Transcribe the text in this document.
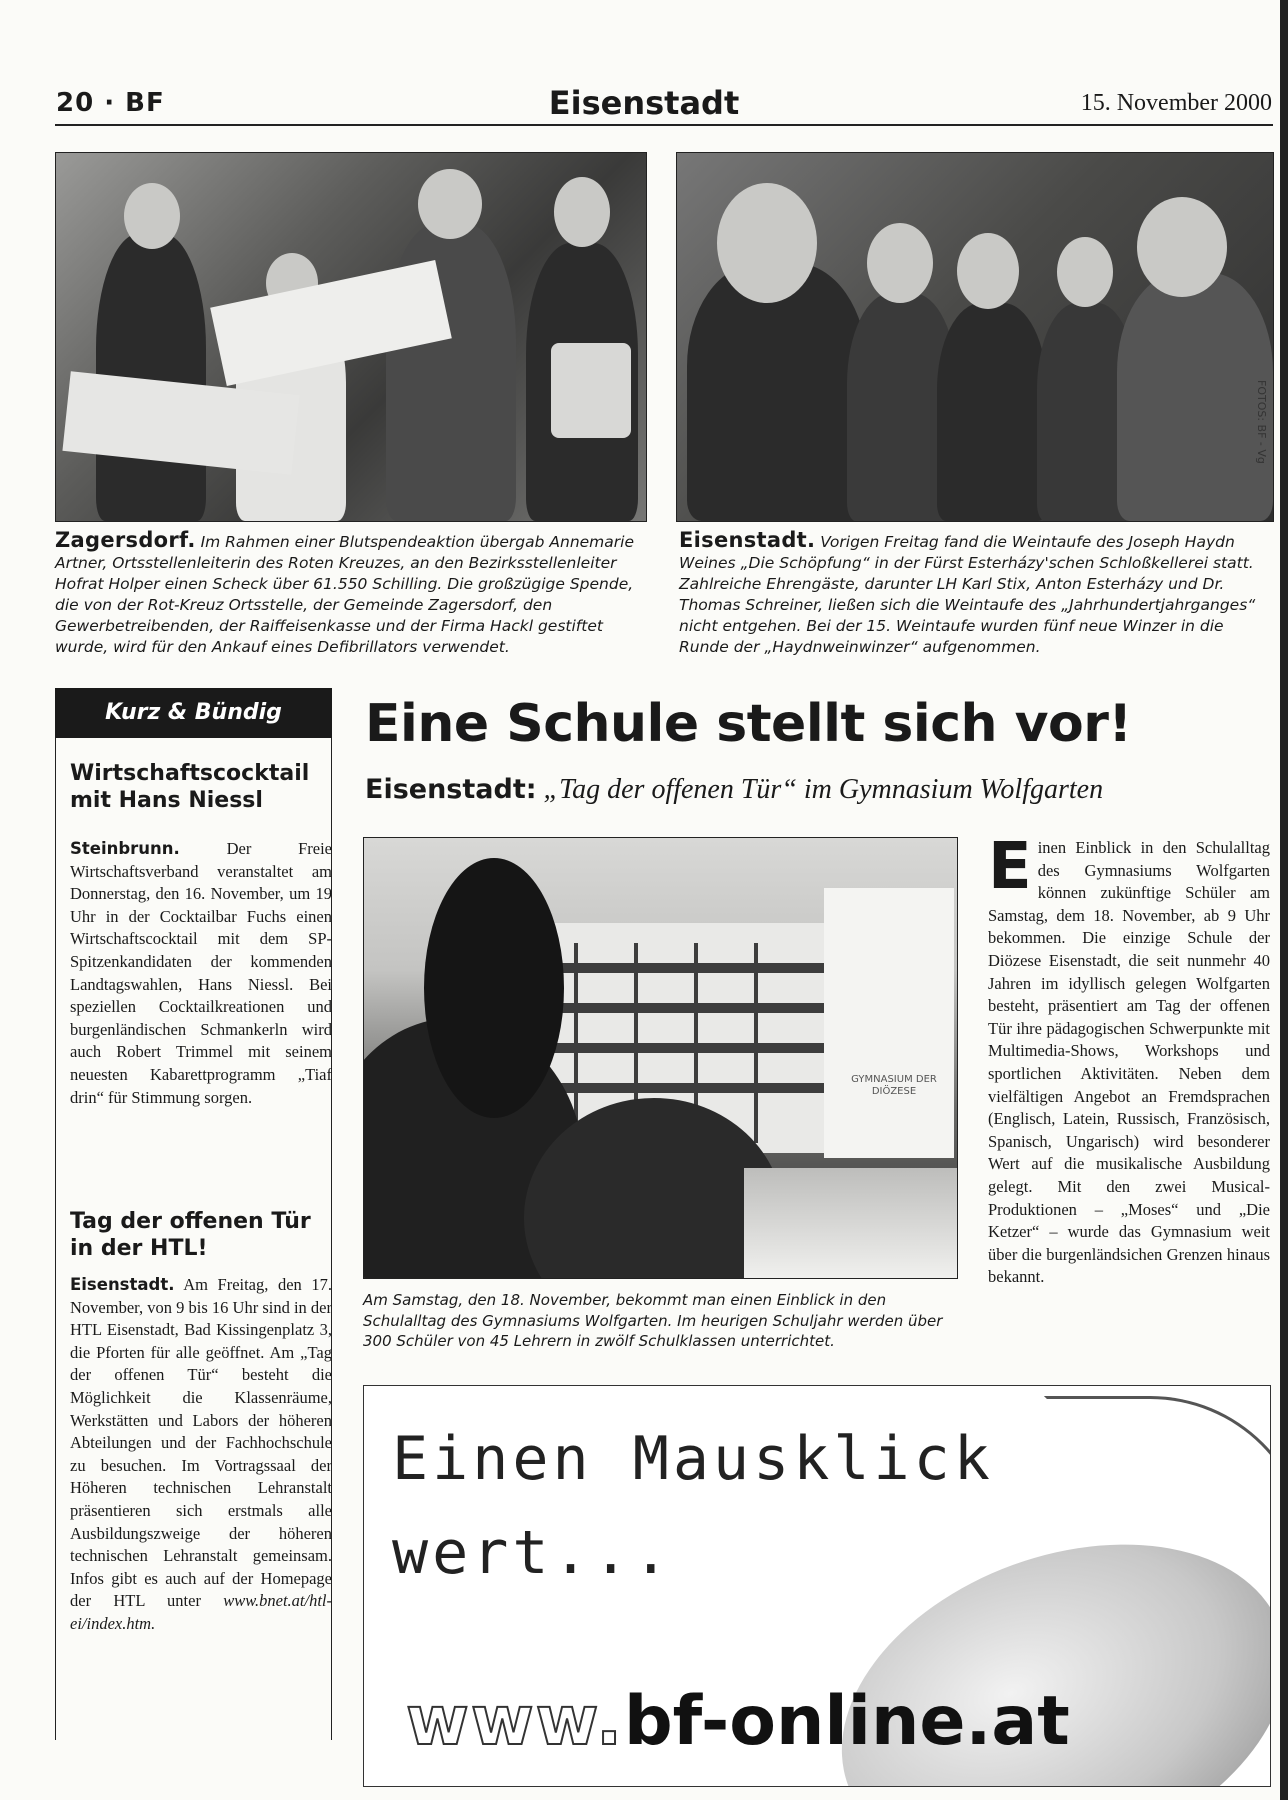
20 · BF	Eisenstadt	15. November 2000
Zagersdorf. Im Rahmen einer Blutspendeaktion übergab Annemarie Artner, Ortsstellenleiterin des Roten Kreuzes, an den Bezirksstellenleiter Hofrat Holper einen Scheck über 61.550 Schilling. Die großzügige Spende, die von der Rot-Kreuz Ortsstelle, der Gemeinde Zagersdorf, den Gewerbetreibenden, der Raiffeisenkasse und der Firma Hackl gestiftet wurde, wird für den Ankauf eines Defibrillators verwendet.
Eisenstadt. Vorigen Freitag fand die Weintaufe des Joseph Haydn Weines „Die Schöpfung“ in der Fürst Esterházy'schen Schloßkellerei statt. Zahlreiche Ehrengäste, darunter LH Karl Stix, Anton Esterházy und Dr. Thomas Schreiner, ließen sich die Weintaufe des „Jahrhundertjahrganges“ nicht entgehen. Bei der 15. Weintaufe wurden fünf neue Winzer in die Runde der „Haydnweinwinzer“ aufgenommen.
FOTOS: BF - Vg
Kurz & Bündig
Wirtschaftscocktail mit Hans Niessl
Steinbrunn.	Der Freie Wirtschaftsverband veranstaltet am Donnerstag, den 16. November, um 19 Uhr in der Cocktailbar Fuchs einen Wirtschaftscocktail mit dem SP-Spitzenkandidaten der kommenden Landtagswahlen, Hans Niessl. Bei speziellen Cocktailkreationen und burgenländischen Schmankerln wird auch Robert Trimmel mit seinem neuesten Kabarettprogramm „Tiaf drin“ für Stimmung sorgen.
Tag der offenen Tür in der HTL!
Eisenstadt. Am Freitag, den 17. November, von 9 bis 16 Uhr sind in der HTL Eisenstadt, Bad Kissingenplatz 3, die Pforten für alle geöffnet. Am „Tag der offenen Tür“ besteht die Möglichkeit die Klassenräume, Werkstätten und Labors der höheren Abteilungen und der Fachhochschule zu besuchen. Im Vortragssaal der Höheren technischen Lehranstalt präsentieren sich erstmals alle Ausbildungszweige der höheren technischen Lehranstalt gemeinsam. Infos gibt es auch auf der Homepage der HTL unter www.bnet.at/htl-ei/index.htm.
Eine Schule stellt sich vor!
Eisenstadt: „Tag der offenen Tür“ im Gymnasium Wolfgarten
GYMNASIUM DER DIÖZESE
Am Samstag, den 18. November, bekommt man einen Einblick in den Schulalltag des Gymnasiums Wolfgarten. Im heurigen Schuljahr werden über 300 Schüler von 45 Lehrern in zwölf Schulklassen unterrichtet.
E inen Einblick in den Schulalltag des Gymnasiums Wolfgarten können zukünftige Schüler am Samstag, dem 18. November, ab 9 Uhr bekommen. Die einzige Schule der Diözese Eisenstadt, die seit nunmehr 40 Jahren im idyllisch gelegen Wolfgarten besteht, präsentiert am Tag der offenen Tür ihre pädagogischen Schwerpunkte mit Multimedia-Shows, Workshops und sportlichen Aktivitäten. Neben dem vielfältigen Angebot an Fremdsprachen (Englisch, Latein, Russisch, Französisch, Spanisch, Ungarisch) wird besonderer Wert auf die musikalische Ausbildung gelegt. Mit den zwei Musical-Produktionen – „Moses“ und „Die Ketzer“ – wurde das Gymnasium weit über die burgenländsichen Grenzen hinaus bekannt.
Einen Mausklick
wert...
www.bf-online.at
